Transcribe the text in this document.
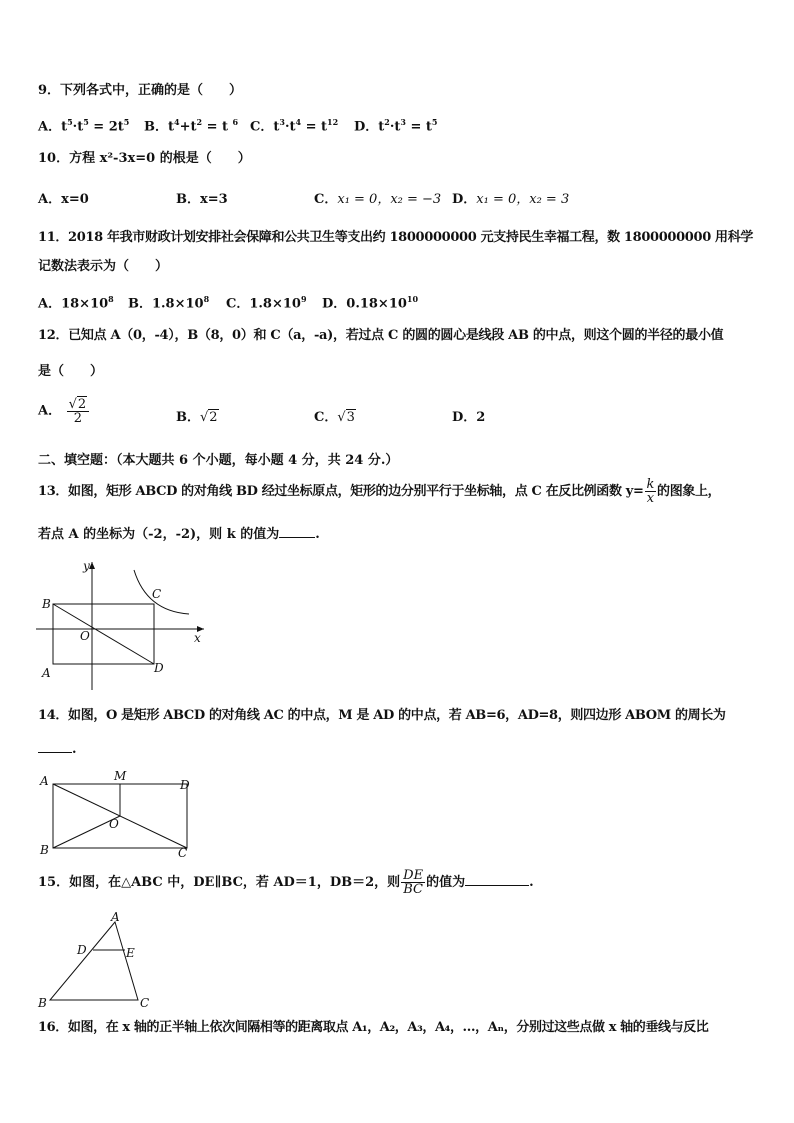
9．下列各式中，正确的是（　　）
A．$t^5\cdot t^5 = 2t^5$ B．$t^4+t^2 = t$ $^6$ C．$t^3\cdot t^4 = t^{12}$ D．$t^2\cdot t^3 = t^5$
10．方程 x²-3x=0 的根是（　　）
A．x=0	B．x=3	C．x₁ = 0，x₂ = −3 D．x₁ = 0，x₂ = 3
11．2018 年我市财政计划安排社会保障和公共卫生等支出约 1800000000 元支持民生幸福工程，数 1800000000 用科学
记数法表示为（　　）
A．$18\times 10^8$ B．$1.8\times 10^8$ C．$1.8\times 10^9$ D．$0.18\times 10^{10}$
12．已知点 A（0，-4），B（8，0）和 C（a，-a)，若过点 C 的圆的圆心是线段 AB 的中点，则这个圆的半径的最小值
是（　　）
A． $\frac{√2}{2}$	B．√2	C．√3	D．2
二、填空题：（本大题共 6 个小题，每小题 4 分，共 24 分.）
13．如图，矩形 ABCD 的对角线 BD 经过坐标原点，矩形的边分别平行于坐标轴，点 C 在反比例函数 $y= \frac{k}{x}$ 的图象上，
若点 A 的坐标为（-2，-2)，则 k 的值为	.
y
x
B
C
O
A	D
14．如图，O 是矩形 ABCD 的对角线 AC 的中点，M 是 AD 的中点，若 AB=6，AD=8，则四边形 ABOM 的周长为
.
A	M
D
O
B	C
15．如图，在△ABC 中，DE∥BC，若 AD＝1，DB＝2，则 $\frac{DE}{BC}$ 的值为	.
A
D	E
B	C
16．如图，在 x 轴的正半轴上依次间隔相等的距离取点 A₁，A₂，A₃，A₄，…，Aₙ，分别过这些点做 x 轴的垂线与反比
